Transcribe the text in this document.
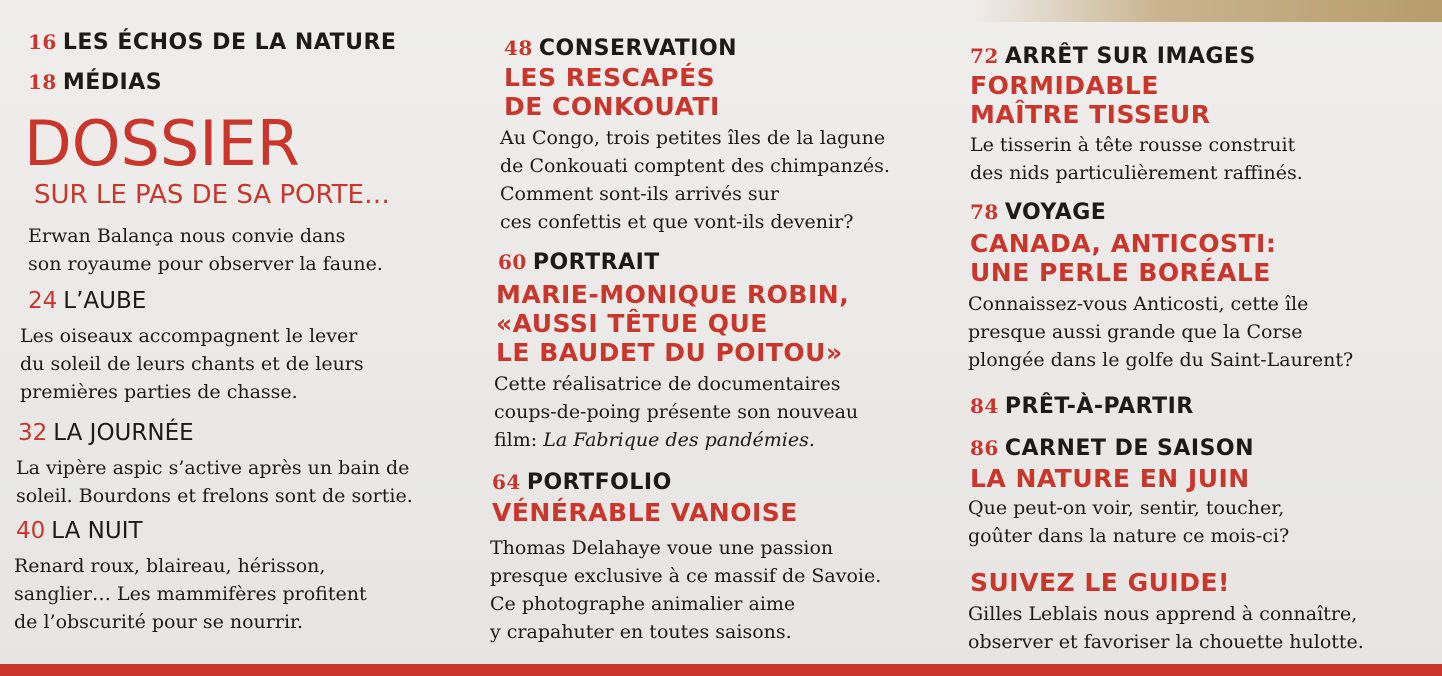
16 LES ÉCHOS DE LA NATURE
18 MÉDIAS
DOSSIER
SUR LE PAS DE SA PORTE…
Erwan Balança nous convie dans
son royaume pour observer la faune.
24 L’AUBE
Les oiseaux accompagnent le lever
du soleil de leurs chants et de leurs
premières parties de chasse.
32 LA JOURNÉE
La vipère aspic s’active après un bain de
soleil. Bourdons et frelons sont de sortie.
40 LA NUIT
Renard roux, blaireau, hérisson,
sanglier… Les mammifères profitent
de l’obscurité pour se nourrir.
48 CONSERVATION
LES RESCAPÉS
DE CONKOUATI
Au Congo, trois petites îles de la lagune
de Conkouati comptent des chimpanzés.
Comment sont-ils arrivés sur
ces confettis et que vont-ils devenir?
60 PORTRAIT
MARIE-MONIQUE ROBIN,
«AUSSI TÊTUE QUE
LE BAUDET DU POITOU»
Cette réalisatrice de documentaires
coups-de-poing présente son nouveau
film: La Fabrique des pandémies.
64 PORTFOLIO
VÉNÉRABLE VANOISE
Thomas Delahaye voue une passion
presque exclusive à ce massif de Savoie.
Ce photographe animalier aime
y crapahuter en toutes saisons.
72 ARRÊT SUR IMAGES
FORMIDABLE
MAÎTRE TISSEUR
Le tisserin à tête rousse construit
des nids particulièrement raffinés.
78 VOYAGE
CANADA, ANTICOSTI:
UNE PERLE BORÉALE
Connaissez-vous Anticosti, cette île
presque aussi grande que la Corse
plongée dans le golfe du Saint-Laurent?
84 PRÊT-À-PARTIR
86 CARNET DE SAISON
LA NATURE EN JUIN
Que peut-on voir, sentir, toucher,
goûter dans la nature ce mois-ci?
SUIVEZ LE GUIDE!
Gilles Leblais nous apprend à connaître,
observer et favoriser la chouette hulotte.
